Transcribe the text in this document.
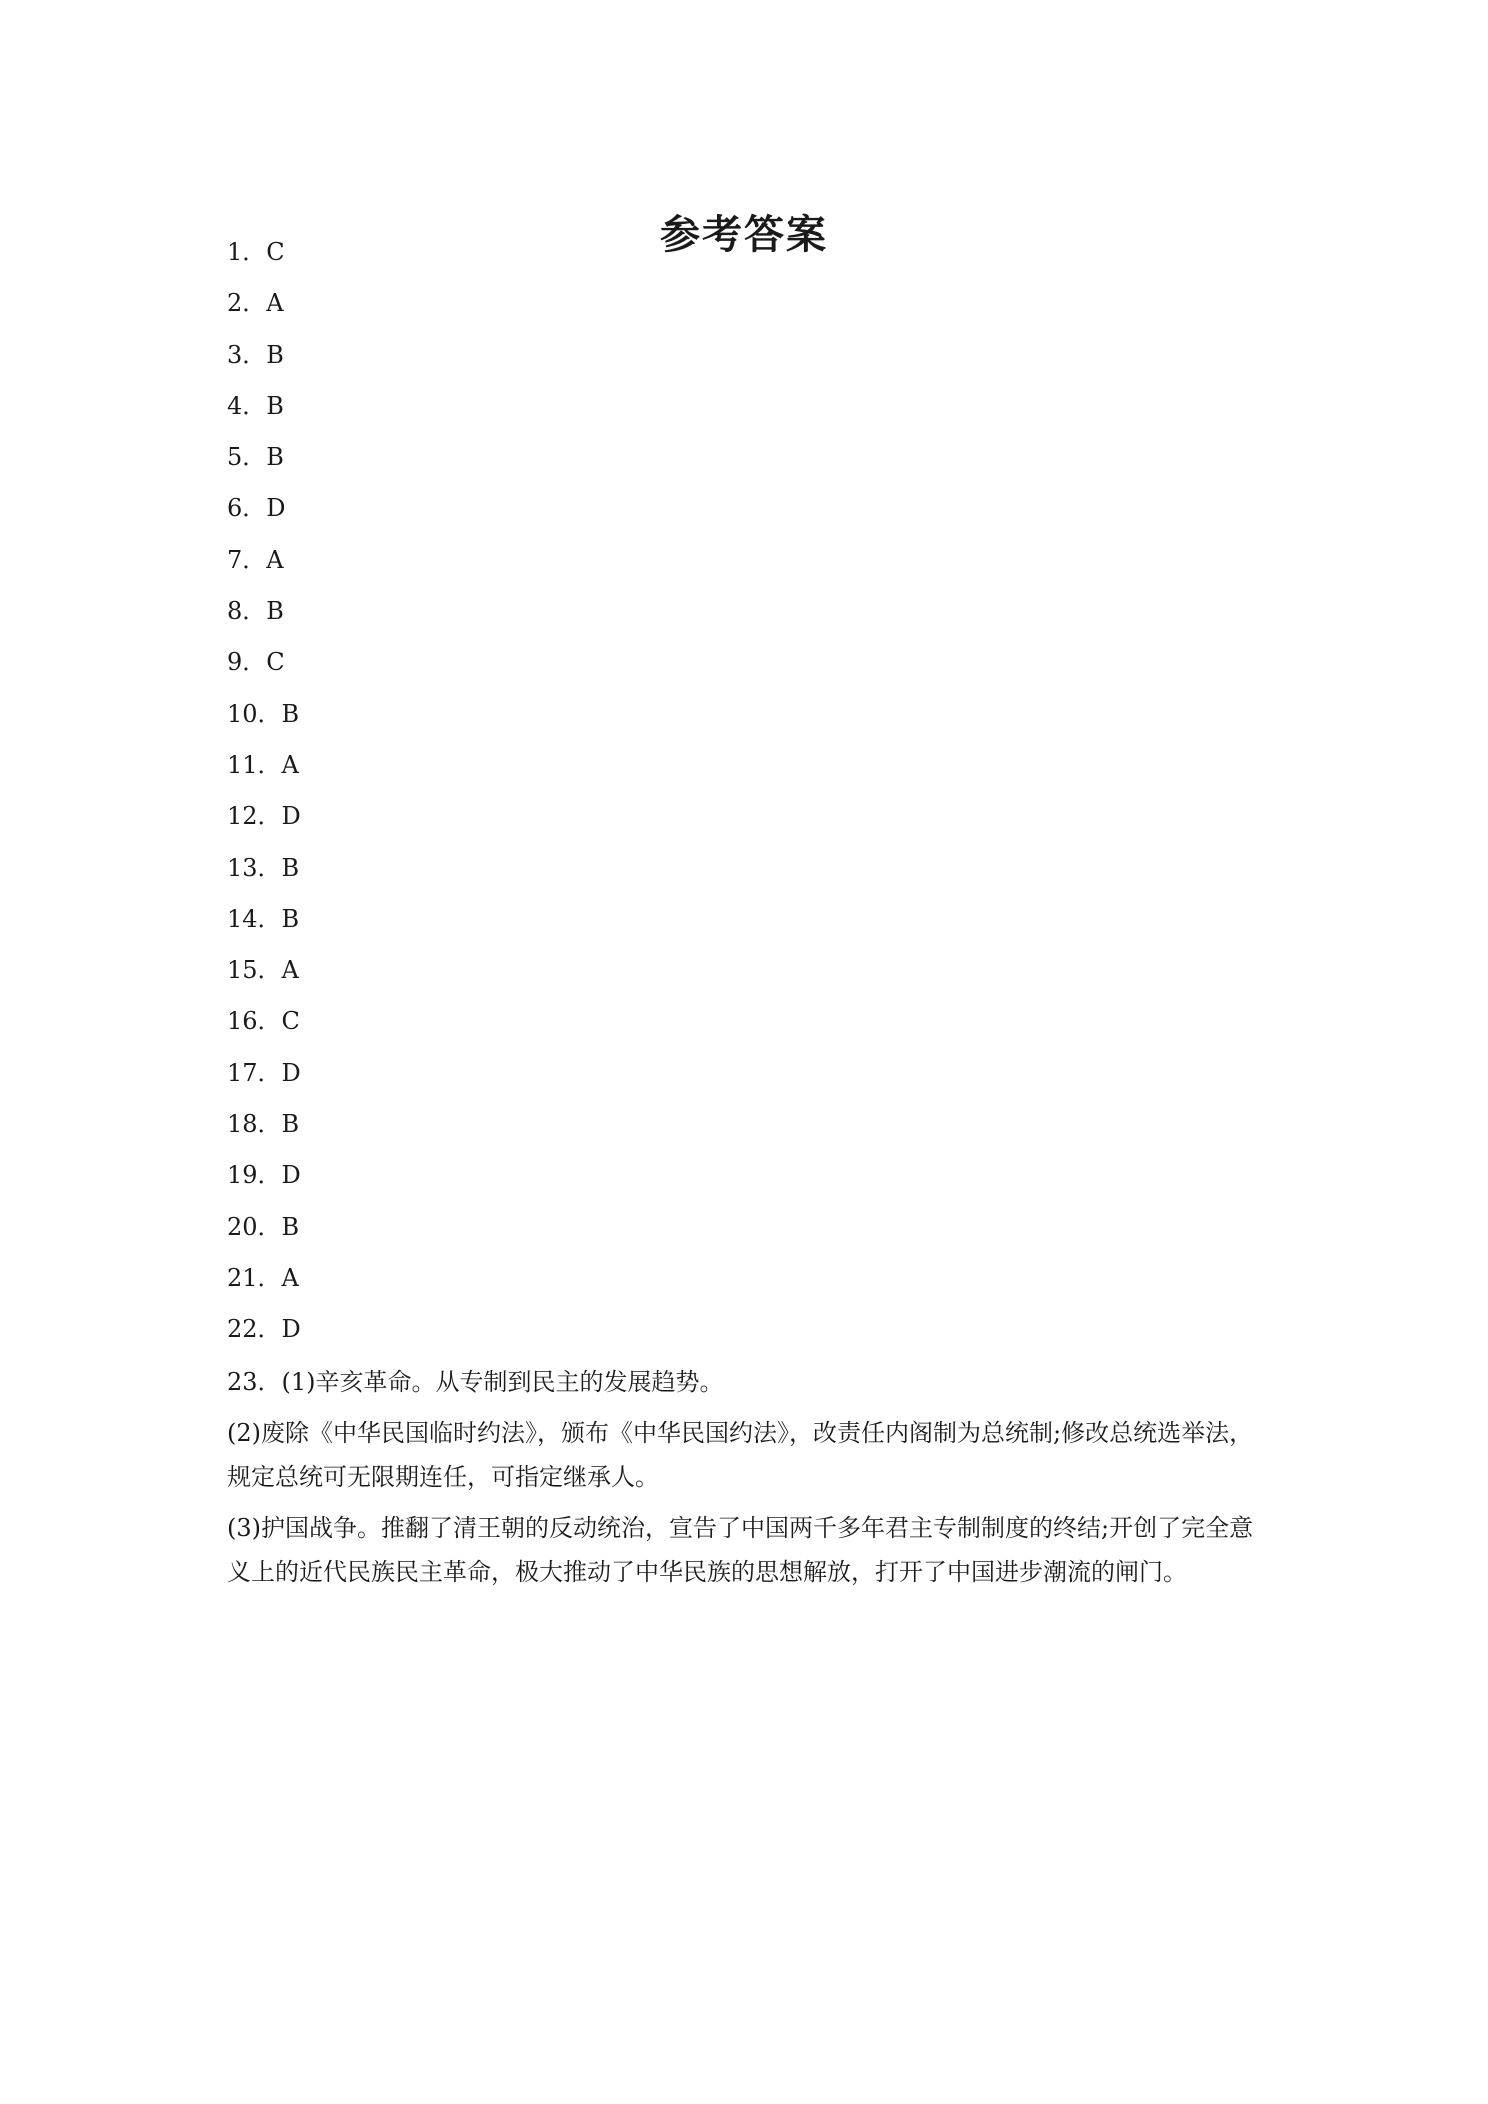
参考答案
1．C
2．A
3．B
4．B
5．B
6．D
7．A
8．B
9．C
10．B
11．A
12．D
13．B
14．B
15．A
16．C
17．D
18．B
19．D
20．B
21．A
22．D

23．(1)辛亥革命。从专制到民主的发展趋势。

(2)废除《中华民国临时约法》，颁布《中华民国约法》，改责任内阁制为总统制;修改总统选举法，规定总统可无限期连任，可指定继承人。

(3)护国战争。推翻了清王朝的反动统治，宣告了中国两千多年君主专制制度的终结;开创了完全意义上的近代民族民主革命，极大推动了中华民族的思想解放，打开了中国进步潮流的闸门。
